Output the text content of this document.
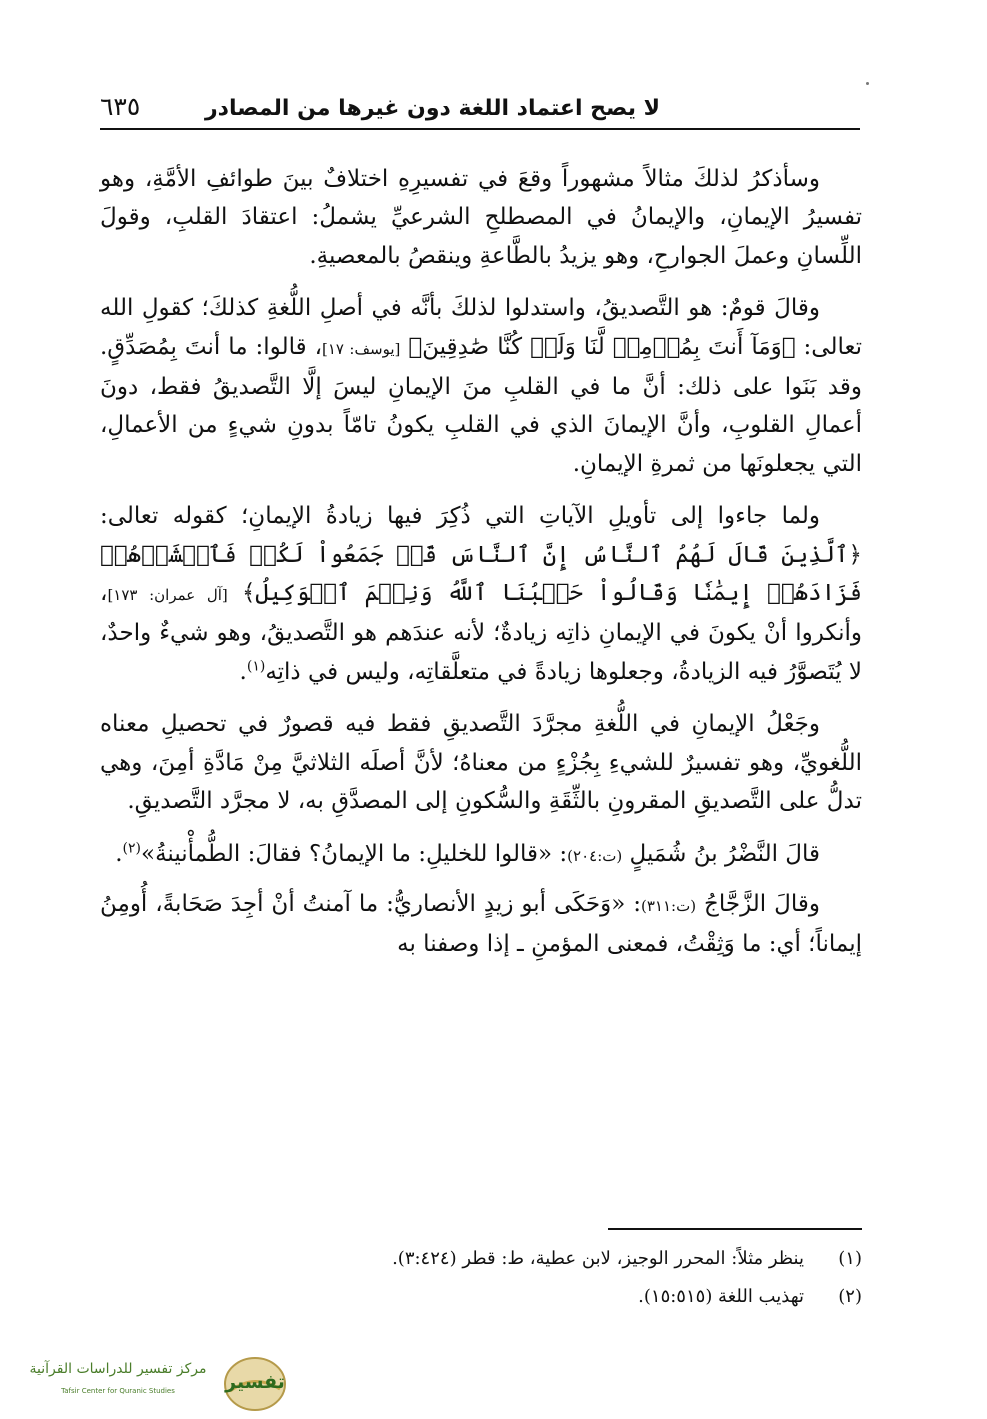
لا يصح اعتماد اللغة دون غيرها من المصادر
٦٣٥

وسأذكرُ لذلكَ مثالاً مشهوراً وقعَ في تفسيرِهِ اختلافٌ بينَ طوائفِ الأمَّةِ، وهو تفسيرُ الإيمانِ، والإيمانُ في المصطلحِ الشرعيِّ يشملُ: اعتقادَ القلبِ، وقولَ اللِّسانِ وعملَ الجوارحِ، وهو يزيدُ بالطَّاعةِ وينقصُ بالمعصيةِ.

وقالَ قومٌ: هو التَّصديقُ، واستدلوا لذلكَ بأنَّه في أصلِ اللُّغةِ كذلكَ؛ كقولِ الله تعالى: ﴿وَمَآ أَنتَ بِمُؤۡمِنٖ لَّنَا وَلَوۡ كُنَّا صَٰدِقِينَ﴾ [يوسف: ١٧]، قالوا: ما أنتَ بِمُصَدِّقٍ. وقد بَنَوا على ذلك: أنَّ ما في القلبِ منَ الإيمانِ ليسَ إلَّا التَّصديقُ فقط، دونَ أعمالِ القلوبِ، وأنَّ الإيمانَ الذي في القلبِ يكونُ تامّاً بدونِ شيءٍ من الأعمالِ، التي يجعلونَها من ثمرةِ الإيمانِ.

ولما جاءوا إلى تأويلِ الآياتِ التي ذُكِرَ فيها زيادةُ الإيمانِ؛ كقوله تعالى: ﴿ٱلَّذِينَ قَالَ لَهُمُ ٱلنَّاسُ إِنَّ ٱلنَّاسَ قَدۡ جَمَعُواْ لَكُمۡ فَٱخۡشَوۡهُمۡ فَزَادَهُمۡ إِيمَٰنٗا وَقَالُواْ حَسۡبُنَا ٱللَّهُ وَنِعۡمَ ٱلۡوَكِيلُ﴾ [آل عمران: ١٧٣]، وأنكروا أنْ يكونَ في الإيمانِ ذاتِه زيادةٌ؛ لأنه عندَهم هو التَّصديقُ، وهو شيءٌ واحدٌ، لا يُتَصوَّرُ فيه الزيادةُ، وجعلوها زيادةً في متعلَّقاتِه، وليس في ذاتِه$^{(١)}$.

وجَعْلُ الإيمانِ في اللُّغةِ مجرَّدَ التَّصديقِ فقط فيه قصورٌ في تحصيلِ معناه اللُّغويِّ، وهو تفسيرٌ للشيءِ بِجُزْءٍ من معناهُ؛ لأنَّ أصلَه الثلاثيَّ مِنْ مَادَّةِ أمِنَ، وهي تدلُّ على التَّصديقِ المقرونِ بالثِّقَةِ والسُّكونِ إلى المصدَّقِ به، لا مجرَّد التَّصديقِ.

قالَ النَّضْرُ بنُ شُمَيلٍ (ت:٢٠٤): «قالوا للخليلِ: ما الإيمانُ؟ فقالَ: الطُّمأْنينةُ»$^{(٢)}$.

وقالَ الزَّجَّاجُ (ت:٣١١): «وَحَكَى أبو زيدٍ الأنصاريُّ: ما آمنتُ أنْ أجِدَ صَحَابةً، أُومِنُ إيماناً؛ أي: ما وَثِقْتُ، فمعنى المؤمنِ ـ إذا وصفنا به

(١)
ينظر مثلاً: المحرر الوجيز، لابن عطية، ط: قطر (٣:٤٢٤).
(٢)
تهذيب اللغة (١٥:٥١٥).
مركز تفسير للدراسات القرآنية
Tafsir Center for Quranic Studies	تفسير
